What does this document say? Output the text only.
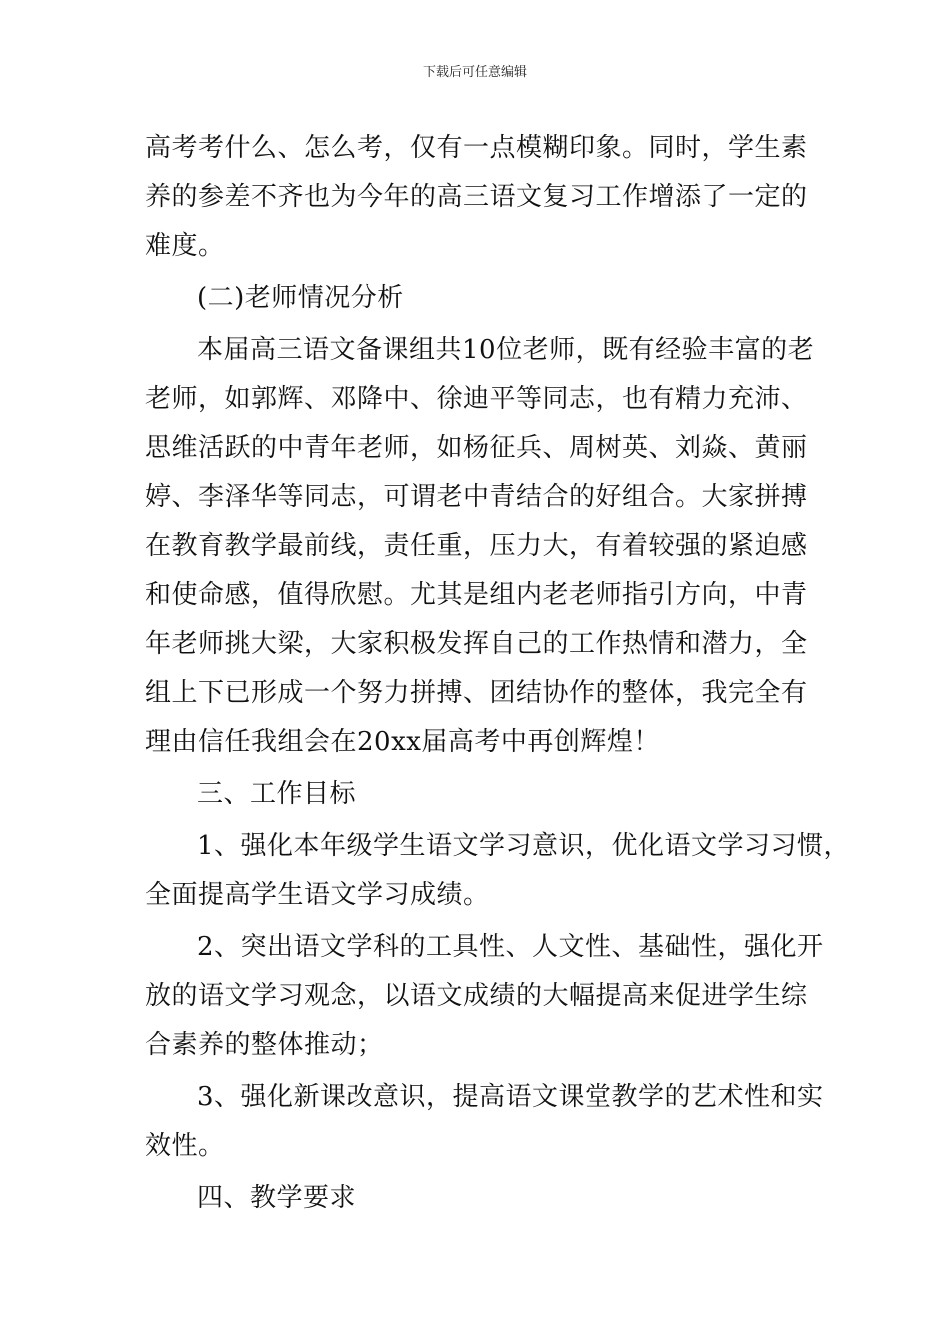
下载后可任意编辑

高考考什么、怎么考，仅有一点模糊印象。同时，学生素
养的参差不齐也为今年的高三语文复习工作增添了一定的
难度。

(二)老师情况分析

本届高三语文备课组共10位老师，既有经验丰富的老
老师，如郭辉、邓降中、徐迪平等同志，也有精力充沛、
思维活跃的中青年老师，如杨征兵、周树英、刘焱、黄丽
婷、李泽华等同志，可谓老中青结合的好组合。大家拼搏
在教育教学最前线，责任重，压力大，有着较强的紧迫感
和使命感，值得欣慰。尤其是组内老老师指引方向，中青
年老师挑大梁，大家积极发挥自己的工作热情和潜力，全
组上下已形成一个努力拼搏、团结协作的整体，我完全有
理由信任我组会在20xx届高考中再创辉煌！

三、工作目标

1、强化本年级学生语文学习意识，优化语文学习习惯，
全面提高学生语文学习成绩。

2、突出语文学科的工具性、人文性、基础性，强化开
放的语文学习观念，以语文成绩的大幅提高来促进学生综
合素养的整体推动；

3、强化新课改意识，提高语文课堂教学的艺术性和实
效性。

四、教学要求
